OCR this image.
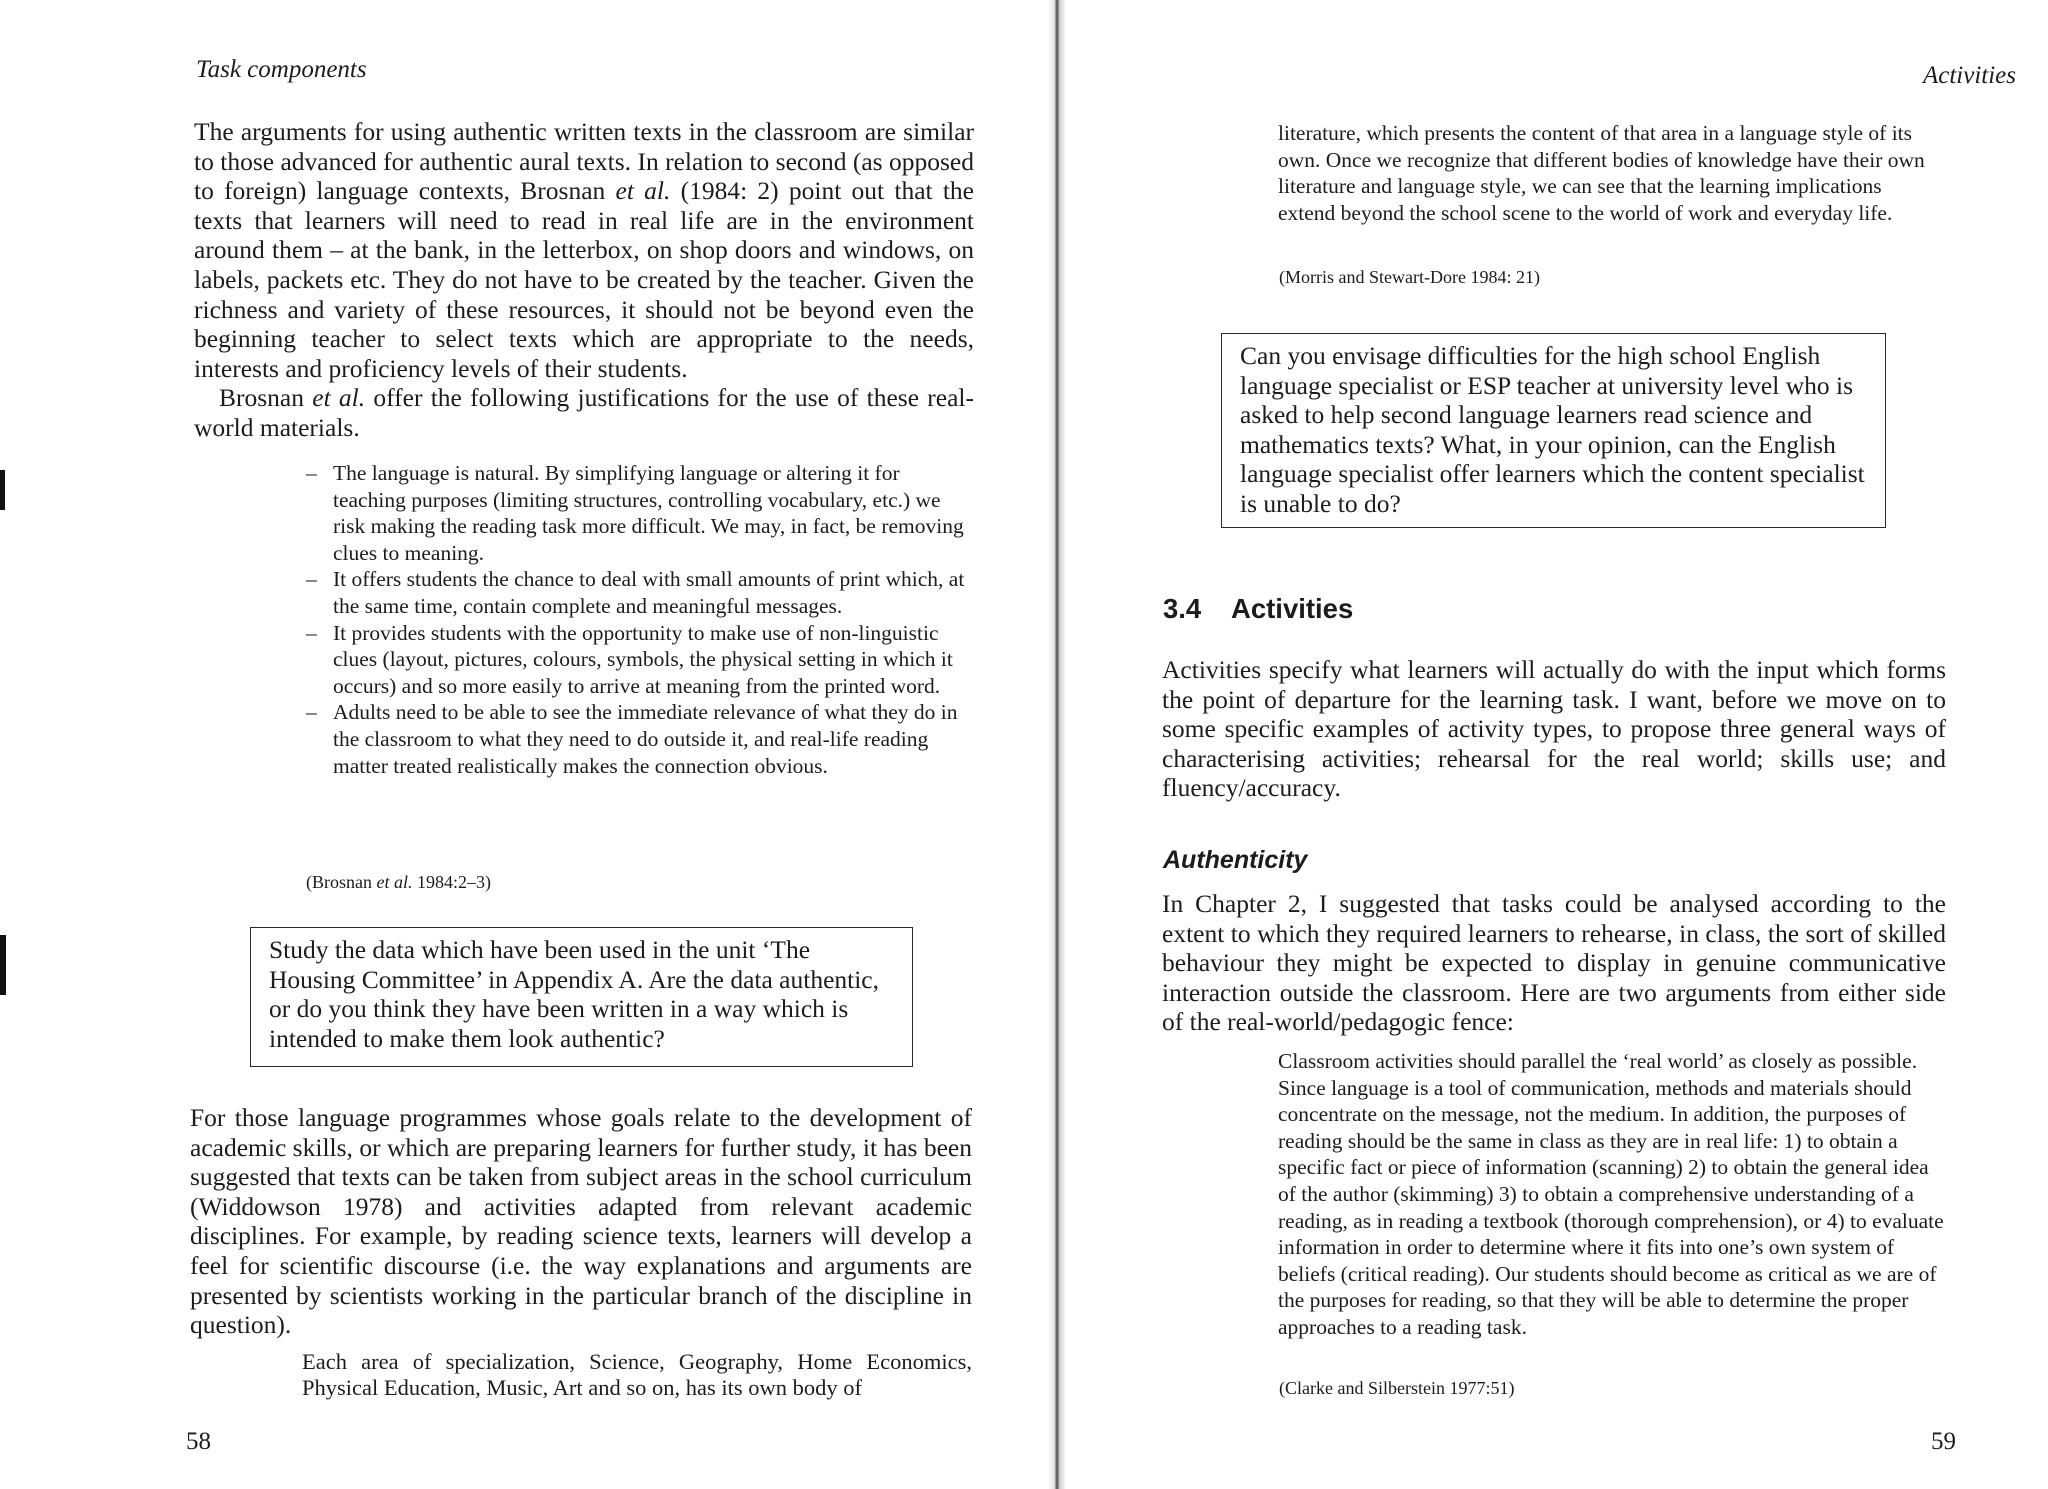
Task components

The arguments for using authentic written texts in the classroom are similar to those advanced for authentic aural texts. In relation to second (as opposed to foreign) language contexts, Brosnan et al. (1984: 2) point out that the texts that learners will need to read in real life are in the environment around them – at the bank, in the letterbox, on shop doors and windows, on labels, packets etc. They do not have to be created by the teacher. Given the richness and variety of these resources, it should not be beyond even the beginning teacher to select texts which are appropriate to the needs, interests and proficiency levels of their students.

Brosnan et al. offer the following justifications for the use of these real-world materials.

– The language is natural. By simplifying language or altering it for teaching purposes (limiting structures, controlling vocabulary, etc.) we risk making the reading task more difficult. We may, in fact, be removing clues to meaning.
– It offers students the chance to deal with small amounts of print which, at the same time, contain complete and meaningful messages.
– It provides students with the opportunity to make use of non-linguistic clues (layout, pictures, colours, symbols, the physical setting in which it occurs) and so more easily to arrive at meaning from the printed word.
– Adults need to be able to see the immediate relevance of what they do in the classroom to what they need to do outside it, and real-life reading matter treated realistically makes the connection obvious.
(Brosnan et al. 1984:2–3)
Study the data which have been used in the unit ‘The Housing Committee’ in Appendix A. Are the data authentic, or do you think they have been written in a way which is intended to make them look authentic?
For those language programmes whose goals relate to the development of academic skills, or which are preparing learners for further study, it has been suggested that texts can be taken from subject areas in the school curriculum (Widdowson 1978) and activities adapted from relevant academic disciplines. For example, by reading science texts, learners will develop a feel for scientific discourse (i.e. the way explanations and arguments are presented by scientists working in the particular branch of the discipline in question).
Each area of specialization, Science, Geography, Home Economics, Physical Education, Music, Art and so on, has its own body of
58
Activities
literature, which presents the content of that area in a language style of its own. Once we recognize that different bodies of knowledge have their own literature and language style, we can see that the learning implications extend beyond the school scene to the world of work and everyday life.
(Morris and Stewart-Dore 1984: 21)
Can you envisage difficulties for the high school English language specialist or ESP teacher at university level who is asked to help second language learners read science and mathematics texts? What, in your opinion, can the English language specialist offer learners which the content specialist is unable to do?
3.4 Activities
Activities specify what learners will actually do with the input which forms the point of departure for the learning task. I want, before we move on to some specific examples of activity types, to propose three general ways of characterising activities; rehearsal for the real world; skills use; and fluency/accuracy.
Authenticity
In Chapter 2, I suggested that tasks could be analysed according to the extent to which they required learners to rehearse, in class, the sort of skilled behaviour they might be expected to display in genuine communicative interaction outside the classroom. Here are two arguments from either side of the real-world/pedagogic fence:
Classroom activities should parallel the ‘real world’ as closely as possible. Since language is a tool of communication, methods and materials should concentrate on the message, not the medium. In addition, the purposes of reading should be the same in class as they are in real life: 1) to obtain a specific fact or piece of information (scanning) 2) to obtain the general idea of the author (skimming) 3) to obtain a comprehensive understanding of a reading, as in reading a textbook (thorough comprehension), or 4) to evaluate information in order to determine where it fits into one’s own system of beliefs (critical reading). Our students should become as critical as we are of the purposes for reading, so that they will be able to determine the proper approaches to a reading task.
(Clarke and Silberstein 1977:51)
59
